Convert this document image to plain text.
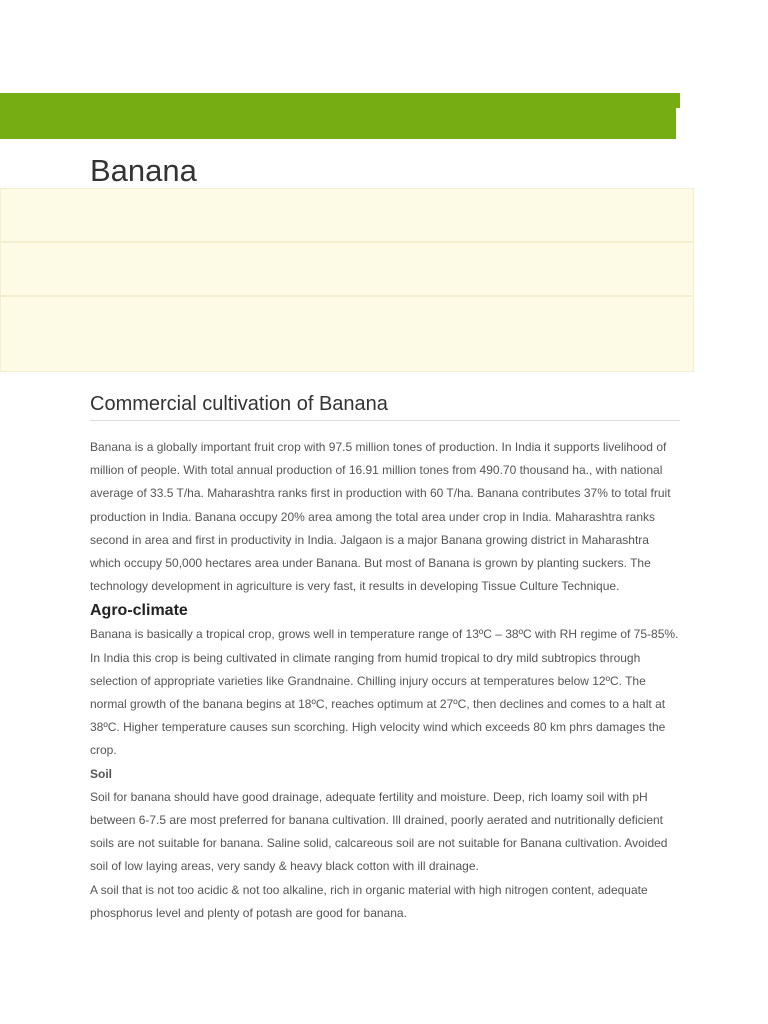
Banana
Commercial cultivation of Banana

Banana is a globally important fruit crop with 97.5 million tones of production. In India it supports livelihood of million of people. With total annual production of 16.91 million tones from 490.70 thousand ha., with national average of 33.5 T/ha. Maharashtra ranks first in production with 60 T/ha. Banana contributes 37% to total fruit production in India. Banana occupy 20% area among the total area under crop in India. Maharashtra ranks second in area and first in productivity in India. Jalgaon is a major Banana growing district in Maharashtra which occupy 50,000 hectares area under Banana. But most of Banana is grown by planting suckers. The technology development in agriculture is very fast, it results in developing Tissue Culture Technique.

Agro-climate

Banana is basically a tropical crop, grows well in temperature range of 13ºC – 38ºC with RH regime of 75-85%. In India this crop is being cultivated in climate ranging from humid tropical to dry mild subtropics through selection of appropriate varieties like Grandnaine. Chilling injury occurs at temperatures below 12ºC. The normal growth of the banana begins at 18ºC, reaches optimum at 27ºC, then declines and comes to a halt at 38ºC. Higher temperature causes sun scorching. High velocity wind which exceeds 80 km phrs damages the crop.

Soil

Soil for banana should have good drainage, adequate fertility and moisture. Deep, rich loamy soil with pH between 6-7.5 are most preferred for banana cultivation. Ill drained, poorly aerated and nutritionally deficient soils are not suitable for banana. Saline solid, calcareous soil are not suitable for Banana cultivation. Avoided soil of low laying areas, very sandy & heavy black cotton with ill drainage.

A soil that is not too acidic & not too alkaline, rich in organic material with high nitrogen content, adequate phosphorus level and plenty of potash are good for banana.
